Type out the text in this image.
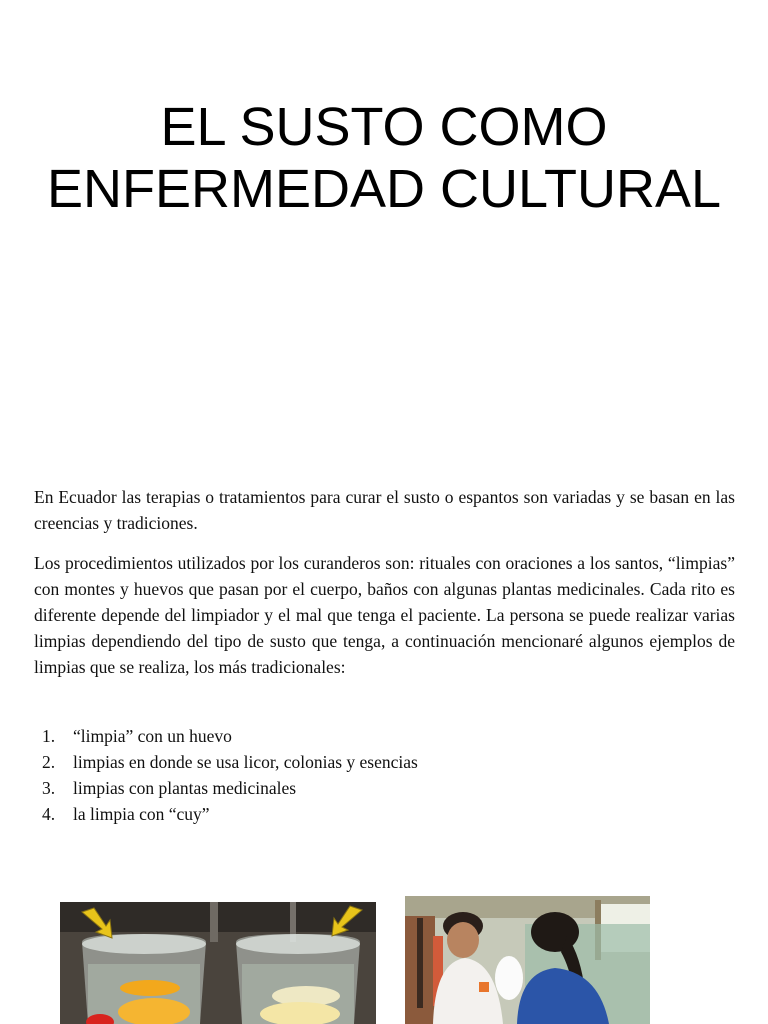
EL SUSTO COMO
ENFERMEDAD CULTURAL

En Ecuador las terapias o tratamientos para curar el susto o espantos son variadas y se basan en las creencias y tradiciones.

Los procedimientos utilizados por los curanderos son: rituales con oraciones a los santos, “limpias” con montes y huevos que pasan por el cuerpo, baños con algunas plantas medicinales. Cada rito es diferente depende del limpiador y el mal que tenga el paciente. La persona se puede realizar varias limpias dependiendo del tipo de susto que tenga, a continuación mencionaré algunos ejemplos de limpias que se realiza, los más tradicionales:

1.	“limpia” con un huevo
2.	limpias en donde se usa licor, colonias y esencias
3.	limpias con plantas medicinales
4.	la limpia con “cuy”
